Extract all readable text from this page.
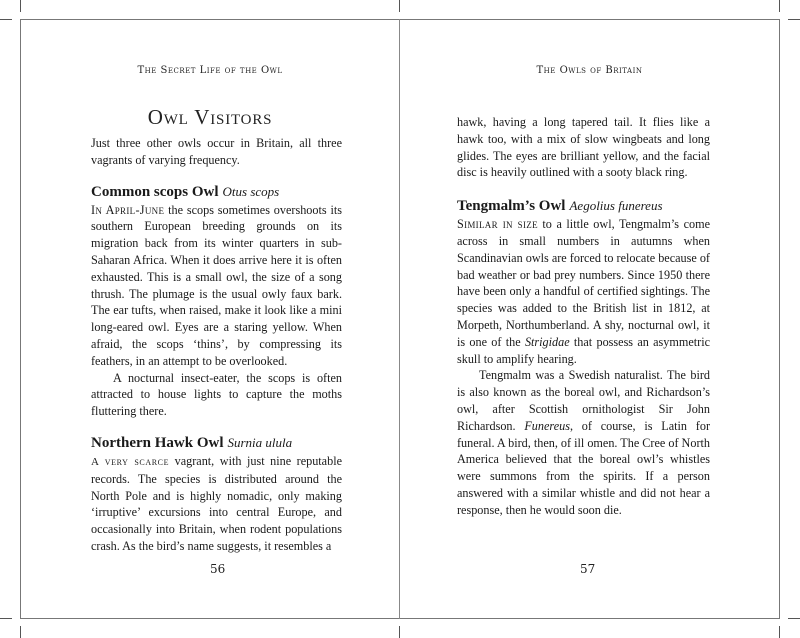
The Secret Life of the Owl
Owl Visitors

Just three other owls occur in Britain, all three vagrants of varying frequency.

Common scops Owl Otus scops

In April-June the scops sometimes overshoots its southern European breeding grounds on its migration back from its winter quarters in sub-Saharan Africa. When it does arrive here it is often exhausted. This is a small owl, the size of a song thrush. The plumage is the usual owly faux bark. The ear tufts, when raised, make it look like a mini long-eared owl. Eyes are a staring yellow. When afraid, the scops ‘thins’, by compressing its feathers, in an attempt to be overlooked.

A nocturnal insect-eater, the scops is often attracted to house lights to capture the moths fluttering there.

Northern Hawk Owl Surnia ulula

A very scarce vagrant, with just nine reputable records. The species is distributed around the North Pole and is highly nomadic, only making ‘irruptive’ excursions into central Europe, and occasionally into Britain, when rodent populations crash. As the bird’s name suggests, it resembles a

56
The Owls of Britain

hawk, having a long tapered tail. It flies like a hawk too, with a mix of slow wingbeats and long glides. The eyes are brilliant yellow, and the facial disc is heavily outlined with a sooty black ring.

Tengmalm’s Owl Aegolius funereus

Similar in size to a little owl, Tengmalm’s come across in small numbers in autumns when Scandinavian owls are forced to relocate because of bad weather or bad prey numbers. Since 1950 there have been only a handful of certified sightings. The species was added to the British list in 1812, at Morpeth, Northumberland. A shy, nocturnal owl, it is one of the Strigidae that possess an asymmetric skull to amplify hearing.

Tengmalm was a Swedish naturalist. The bird is also known as the boreal owl, and Richardson’s owl, after Scottish ornithologist Sir John Richardson. Funereus, of course, is Latin for funeral. A bird, then, of ill omen. The Cree of North America believed that the boreal owl’s whistles were summons from the spirits. If a person answered with a similar whistle and did not hear a response, then he would soon die.

57
